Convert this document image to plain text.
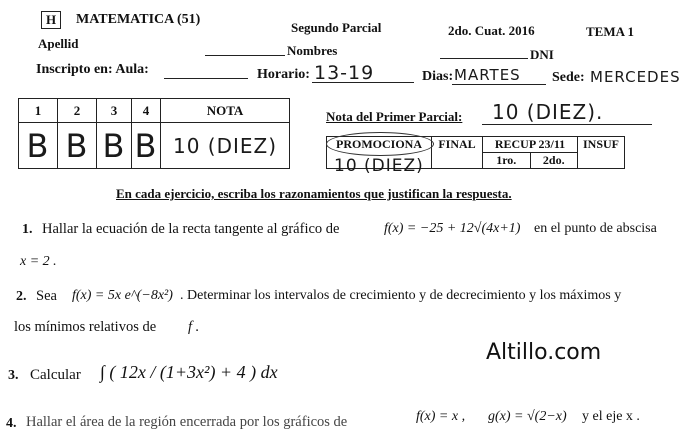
H	MATEMATICA (51)
Segundo Parcial	2do. Cuat. 2016	TEMA 1
Apellid	Nombres	DNI
Inscripto en: Aula:	Horario: 13-19	Dias: MARTES Sede: MERCEDES
1	2	3	4	NOTA
B	B	B	B	10 (DIEZ)
Nota del Primer Parcial: 10 (DIEZ).
PROMOCIONA	FINAL	RECUP 23/11		INSUF
		1ro.	2do.	
10 (DIEZ)
En cada ejercicio, escriba los razonamientos que justifican la respuesta.
1. Hallar la ecuación de la recta tangente al gráfico de	f(x) = −25 + 12√(4x+1) en el punto de abscisa
x = 2 .
2. Sea f(x) = 5x e^(−8x²) . Determinar los intervalos de crecimiento y de decrecimiento y los máximos y
los mínimos relativos de f .
3. Calcular ∫ ( 12x / (1+3x²) + 4 ) dx
Altillo.com
4. Hallar el área de la región encerrada por los gráficos de	f(x) = x , g(x) = √(2−x) y el eje x .
